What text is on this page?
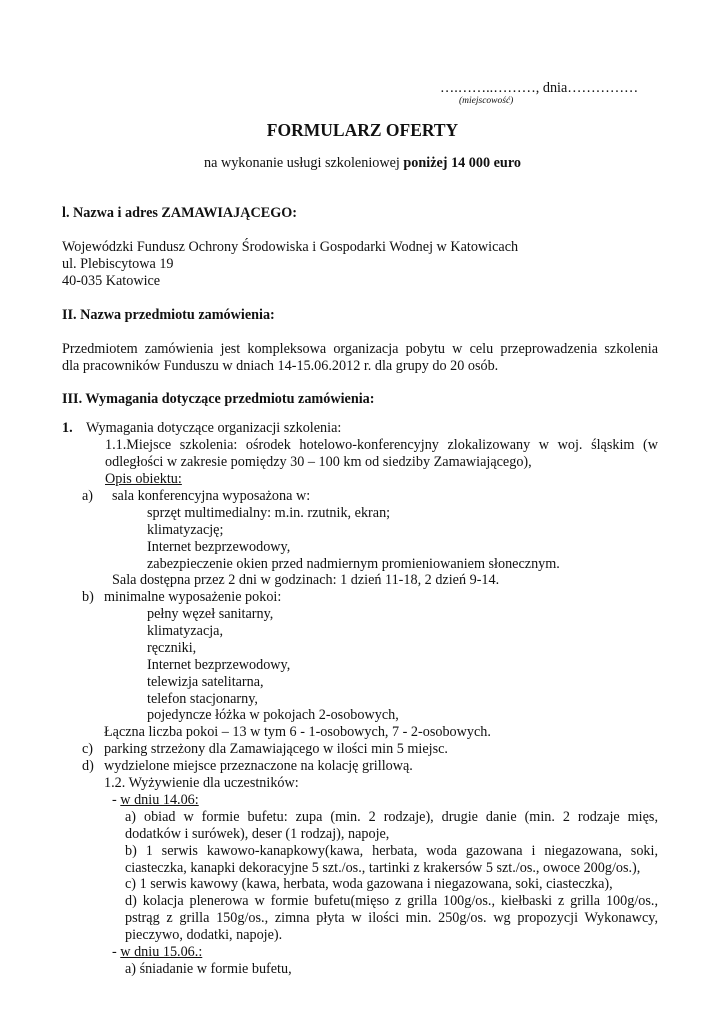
….……..………, dnia……………
(miejscowość)
FORMULARZ OFERTY
na wykonanie usługi szkoleniowej poniżej 14 000 euro
l. Nazwa i adres ZAMAWIAJĄCEGO:
Wojewódzki Fundusz Ochrony Środowiska i Gospodarki Wodnej w Katowicach
ul. Plebiscytowa 19
40-035 Katowice
II. Nazwa przedmiotu zamówienia:
Przedmiotem zamówienia jest kompleksowa organizacja pobytu w celu przeprowadzenia szkolenia
dla pracowników Funduszu w dniach 14-15.06.2012 r. dla grupy do 20 osób.
III. Wymagania dotyczące przedmiotu zamówienia:
1. Wymagania dotyczące organizacji szkolenia:
1.1.Miejsce szkolenia: ośrodek hotelowo-konferencyjny zlokalizowany w woj. śląskim (w
odległości w zakresie pomiędzy 30 – 100 km od siedziby Zamawiającego),
Opis obiektu:
a) sala konferencyjna wyposażona w:
sprzęt multimedialny: m.in. rzutnik, ekran;
klimatyzację;
Internet bezprzewodowy,
zabezpieczenie okien przed nadmiernym promieniowaniem słonecznym.
Sala dostępna przez 2 dni w godzinach: 1 dzień 11-18, 2 dzień 9-14.
b) minimalne wyposażenie pokoi:
pełny węzeł sanitarny,
klimatyzacja,
ręczniki,
Internet bezprzewodowy,
telewizja satelitarna,
telefon stacjonarny,
pojedyncze łóżka w pokojach 2-osobowych,
Łączna liczba pokoi – 13 w tym 6 - 1-osobowych, 7 - 2-osobowych.
c) parking strzeżony dla Zamawiającego w ilości min 5 miejsc.
d) wydzielone miejsce przeznaczone na kolację grillową.
1.2. Wyżywienie dla uczestników:
- w dniu 14.06:
a) obiad w formie bufetu: zupa (min. 2 rodzaje), drugie danie (min. 2 rodzaje mięs,
dodatków i surówek), deser (1 rodzaj), napoje,
b) 1 serwis kawowo-kanapkowy(kawa, herbata, woda gazowana i niegazowana, soki,
ciasteczka, kanapki dekoracyjne 5 szt./os., tartinki z krakersów 5 szt./os., owoce 200g/os.),
c) 1 serwis kawowy (kawa, herbata, woda gazowana i niegazowana, soki, ciasteczka),
d) kolacja plenerowa w formie bufetu(mięso z grilla 100g/os., kiełbaski z grilla 100g/os.,
pstrąg z grilla 150g/os., zimna płyta w ilości min. 250g/os. wg propozycji Wykonawcy,
pieczywo, dodatki, napoje).
- w dniu 15.06.:
a) śniadanie w formie bufetu,
